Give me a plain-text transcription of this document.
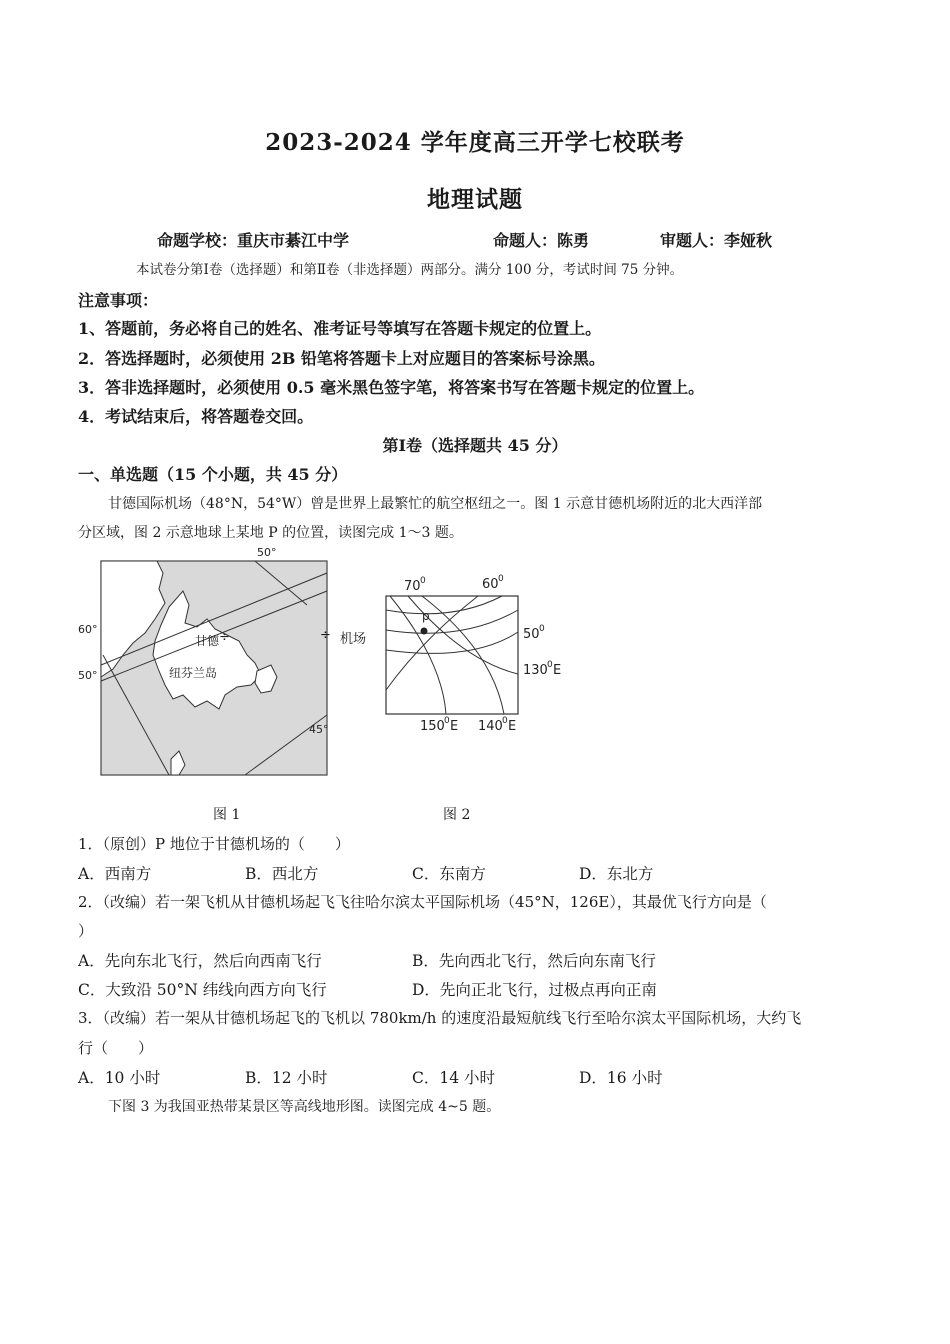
2023-2024 学年度高三开学七校联考
地理试题
命题学校：重庆市綦江中学	命题人：陈勇	审题人：李娅秋
本试卷分第Ⅰ卷（选择题）和第Ⅱ卷（非选择题）两部分。满分 100 分，考试时间 75 分钟。
注意事项：
1、答题前，务必将自己的姓名、准考证号等填写在答题卡规定的位置上。
2．答选择题时，必须使用 2B 铅笔将答题卡上对应题目的答案标号涂黑。
3．答非选择题时，必须使用 0.5 毫米黑色签字笔，将答案书写在答题卡规定的位置上。
4．考试结束后，将答题卷交回。
第Ⅰ卷（选择题共 45 分）
一、单选题（15 个小题，共 45 分）
甘德国际机场（48°N，54°W）曾是世界上最繁忙的航空枢纽之一。图 1 示意甘德机场附近的北大西洋部
分区域，图 2 示意地球上某地 P 的位置，读图完成 1～3 题。
50°
60°
50°
45°
甘德 ÷
纽芬兰岛
÷ 机场
p
70 0	60 0
50 0
130 0 E
150 0 E 140 0 E
图 1	图 2
1．（原创）P 地位于甘德机场的（　　）
A．西南方	B．西北方	C．东南方	D．东北方
2．（改编）若一架飞机从甘德机场起飞飞往哈尔滨太平国际机场（45°N，126E），其最优飞行方向是（
）
A．先向东北飞行，然后向西南飞行	B．先向西北飞行，然后向东南飞行
C．大致沿 50°N 纬线向西方向飞行	D．先向正北飞行，过极点再向正南
3．（改编）若一架从甘德机场起飞的飞机以 780km/h 的速度沿最短航线飞行至哈尔滨太平国际机场，大约飞
行（　　）
A．10 小时	B．12 小时	C．14 小时	D．16 小时
下图 3 为我国亚热带某景区等高线地形图。读图完成 4~5 题。
